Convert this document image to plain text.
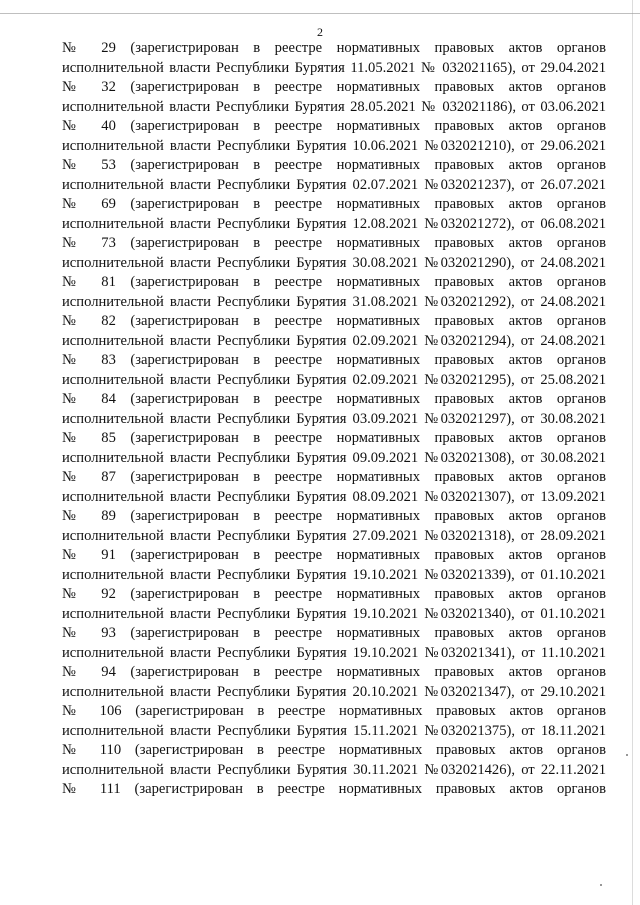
2
№ 29 (зарегистрирован в реестре нормативных правовых актов органов
исполнительной власти Республики Бурятия 11.05.2021 № 032021165), от 29.04.2021
№ 32 (зарегистрирован в реестре нормативных правовых актов органов
исполнительной власти Республики Бурятия 28.05.2021 № 032021186), от 03.06.2021
№ 40 (зарегистрирован в реестре нормативных правовых актов органов
исполнительной власти Республики Бурятия 10.06.2021 №032021210), от 29.06.2021
№ 53 (зарегистрирован в реестре нормативных правовых актов органов
исполнительной власти Республики Бурятия 02.07.2021 №032021237), от 26.07.2021
№ 69 (зарегистрирован в реестре нормативных правовых актов органов
исполнительной власти Республики Бурятия 12.08.2021 №032021272), от 06.08.2021
№ 73 (зарегистрирован в реестре нормативных правовых актов органов
исполнительной власти Республики Бурятия 30.08.2021 №032021290), от 24.08.2021
№ 81 (зарегистрирован в реестре нормативных правовых актов органов
исполнительной власти Республики Бурятия 31.08.2021 №032021292), от 24.08.2021
№ 82 (зарегистрирован в реестре нормативных правовых актов органов
исполнительной власти Республики Бурятия 02.09.2021 №032021294), от 24.08.2021
№ 83 (зарегистрирован в реестре нормативных правовых актов органов
исполнительной власти Республики Бурятия 02.09.2021 №032021295), от 25.08.2021
№ 84 (зарегистрирован в реестре нормативных правовых актов органов
исполнительной власти Республики Бурятия 03.09.2021 №032021297), от 30.08.2021
№ 85 (зарегистрирован в реестре нормативных правовых актов органов
исполнительной власти Республики Бурятия 09.09.2021 №032021308), от 30.08.2021
№ 87 (зарегистрирован в реестре нормативных правовых актов органов
исполнительной власти Республики Бурятия 08.09.2021 №032021307), от 13.09.2021
№ 89 (зарегистрирован в реестре нормативных правовых актов органов
исполнительной власти Республики Бурятия 27.09.2021 №032021318), от 28.09.2021
№ 91 (зарегистрирован в реестре нормативных правовых актов органов
исполнительной власти Республики Бурятия 19.10.2021 №032021339), от 01.10.2021
№ 92 (зарегистрирован в реестре нормативных правовых актов органов
исполнительной власти Республики Бурятия 19.10.2021 №032021340), от 01.10.2021
№ 93 (зарегистрирован в реестре нормативных правовых актов органов
исполнительной власти Республики Бурятия 19.10.2021 №032021341), от 11.10.2021
№ 94 (зарегистрирован в реестре нормативных правовых актов органов
исполнительной власти Республики Бурятия 20.10.2021 №032021347), от 29.10.2021
№ 106 (зарегистрирован в реестре нормативных правовых актов органов
исполнительной власти Республики Бурятия 15.11.2021 №032021375), от 18.11.2021
№ 110 (зарегистрирован в реестре нормативных правовых актов органов
исполнительной власти Республики Бурятия 30.11.2021 №032021426), от 22.11.2021
№ 111 (зарегистрирован в реестре нормативных правовых актов органов
